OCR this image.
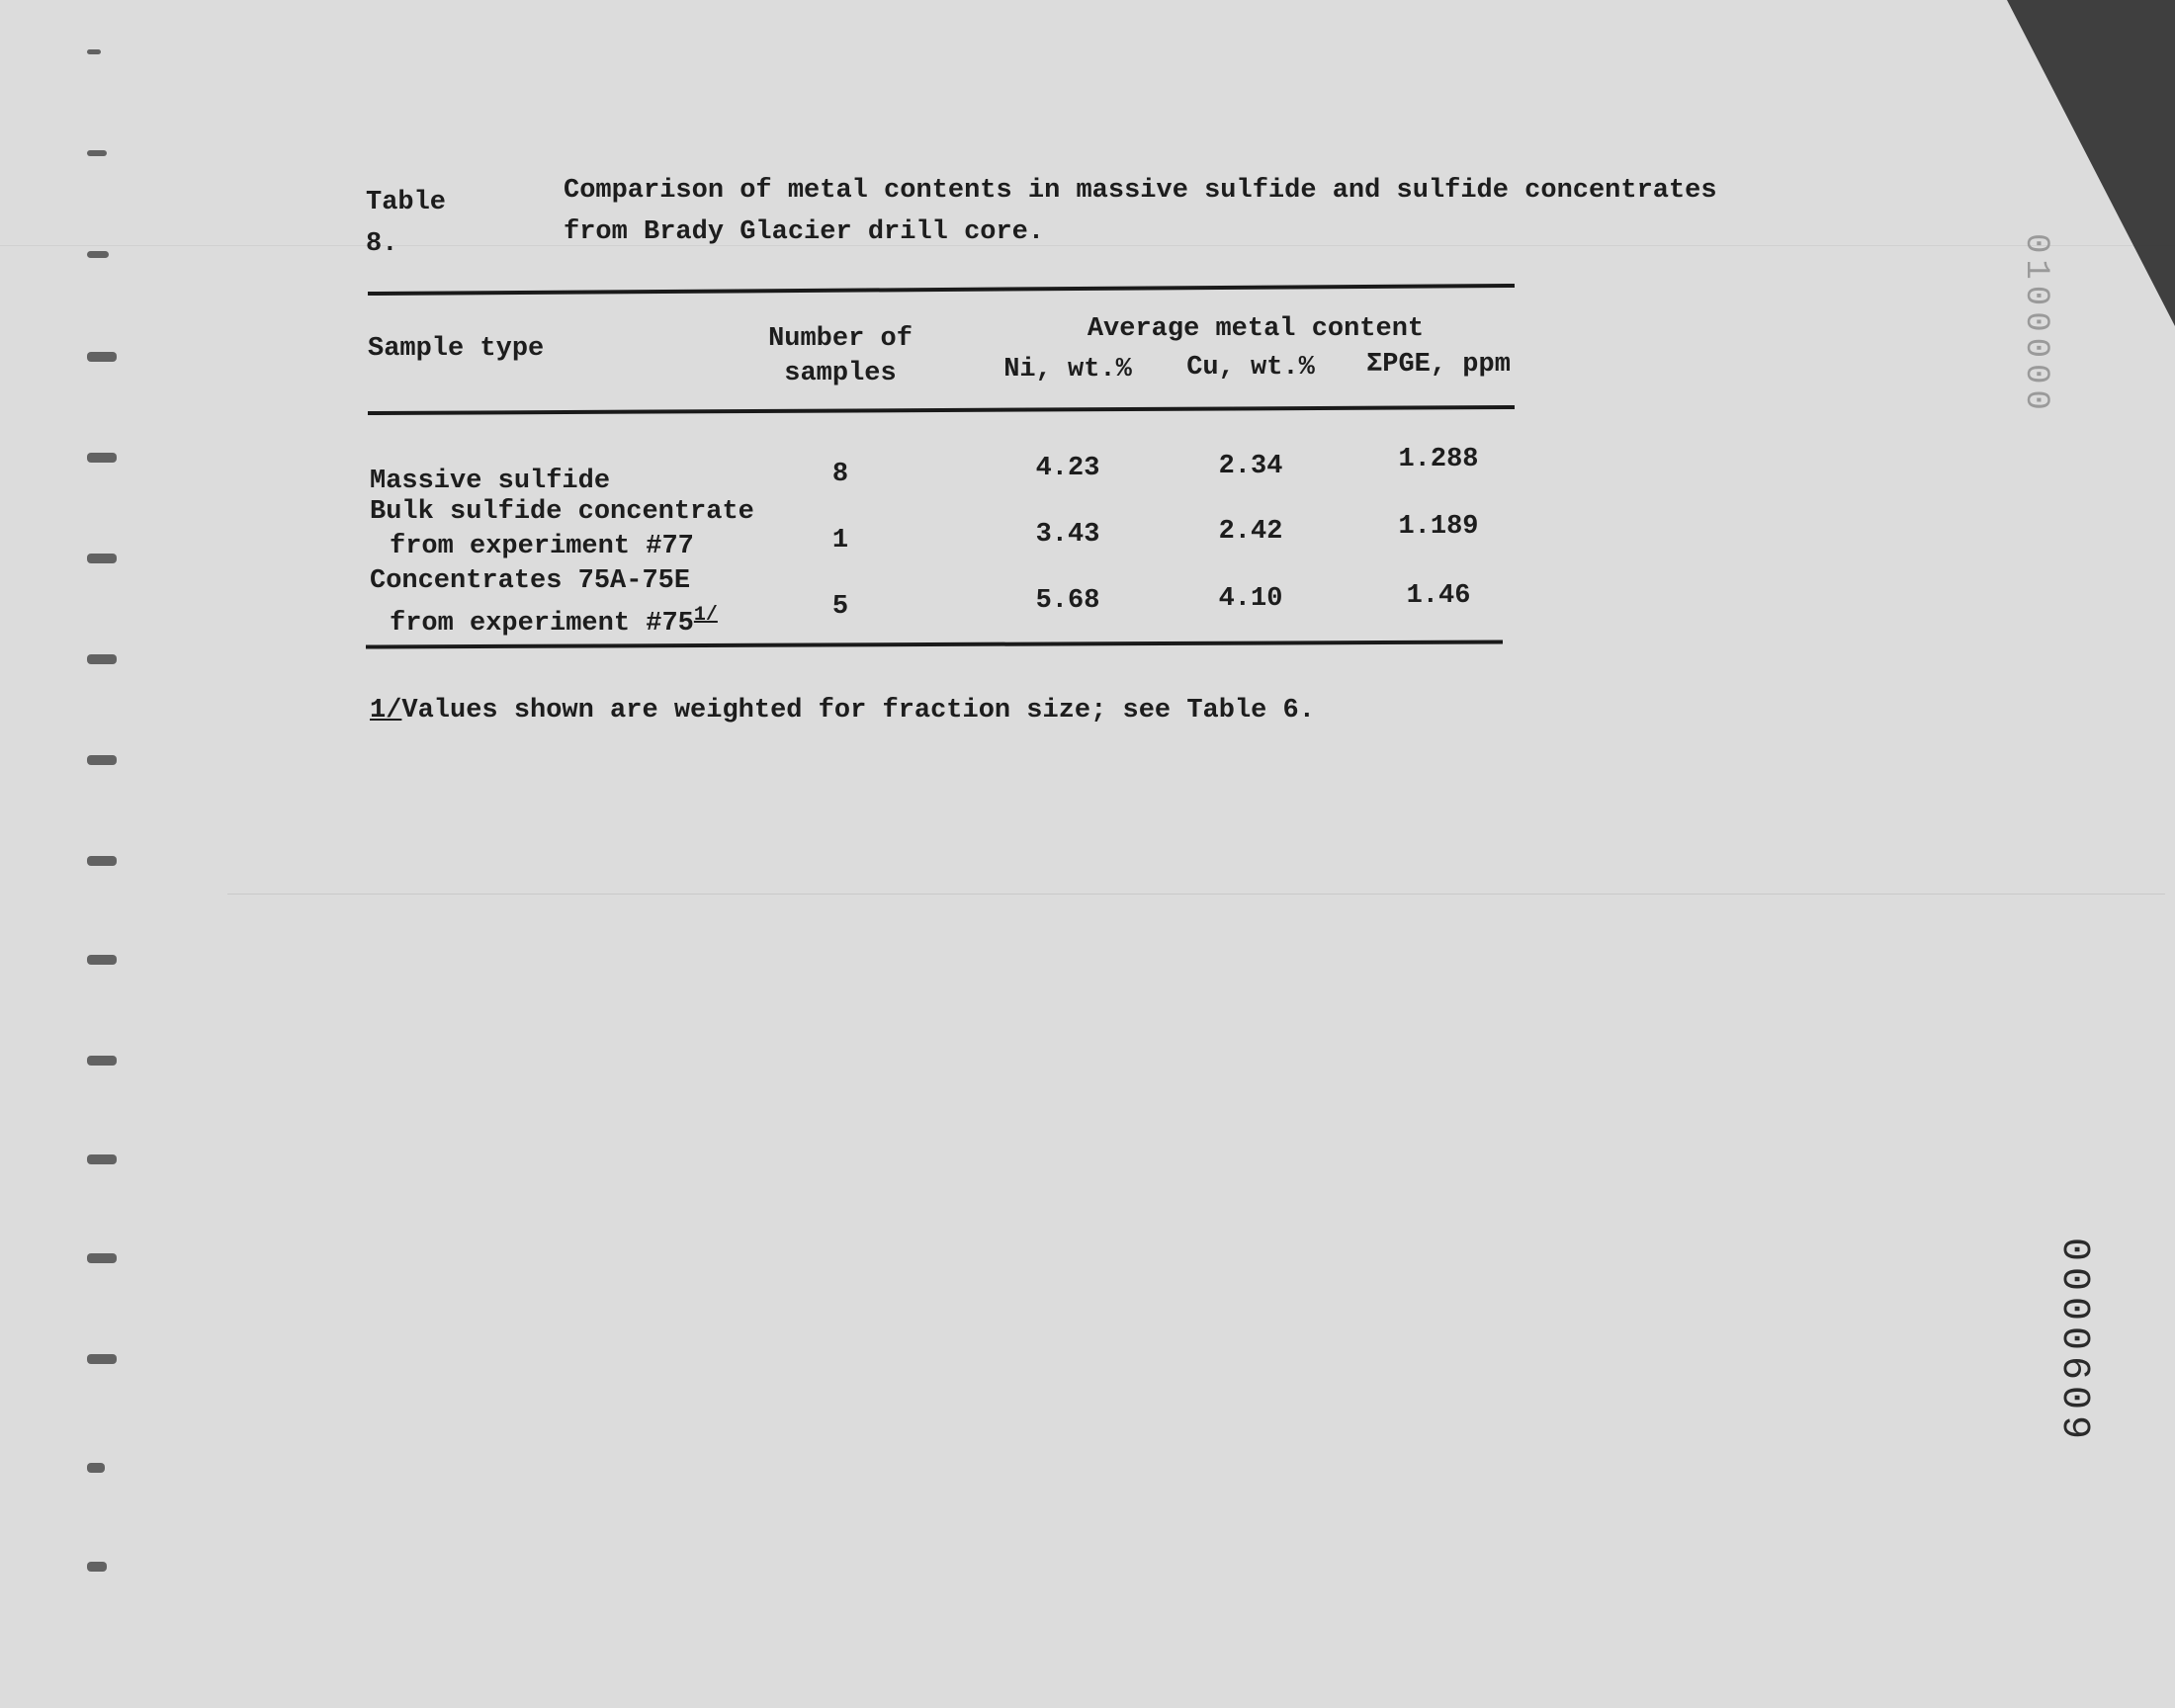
Table 8.
Comparison of metal contents in massive sulfide and sulfide concentrates
from Brady Glacier drill core.
Sample type	Number of
samples
Average metal content
Ni, wt.%	Cu, wt.%	ΣPGE, ppm
Massive sulfide	8	4.23	2.34	1.288
Bulk sulfide concentrate
from experiment #77	1	3.43	2.42	1.189
Concentrates 75A-75E
from experiment $\#75^{1/}$	5	5.68	4.10	1.46
1/Values shown are weighted for fraction size; see Table 6.
0100000
0000609
